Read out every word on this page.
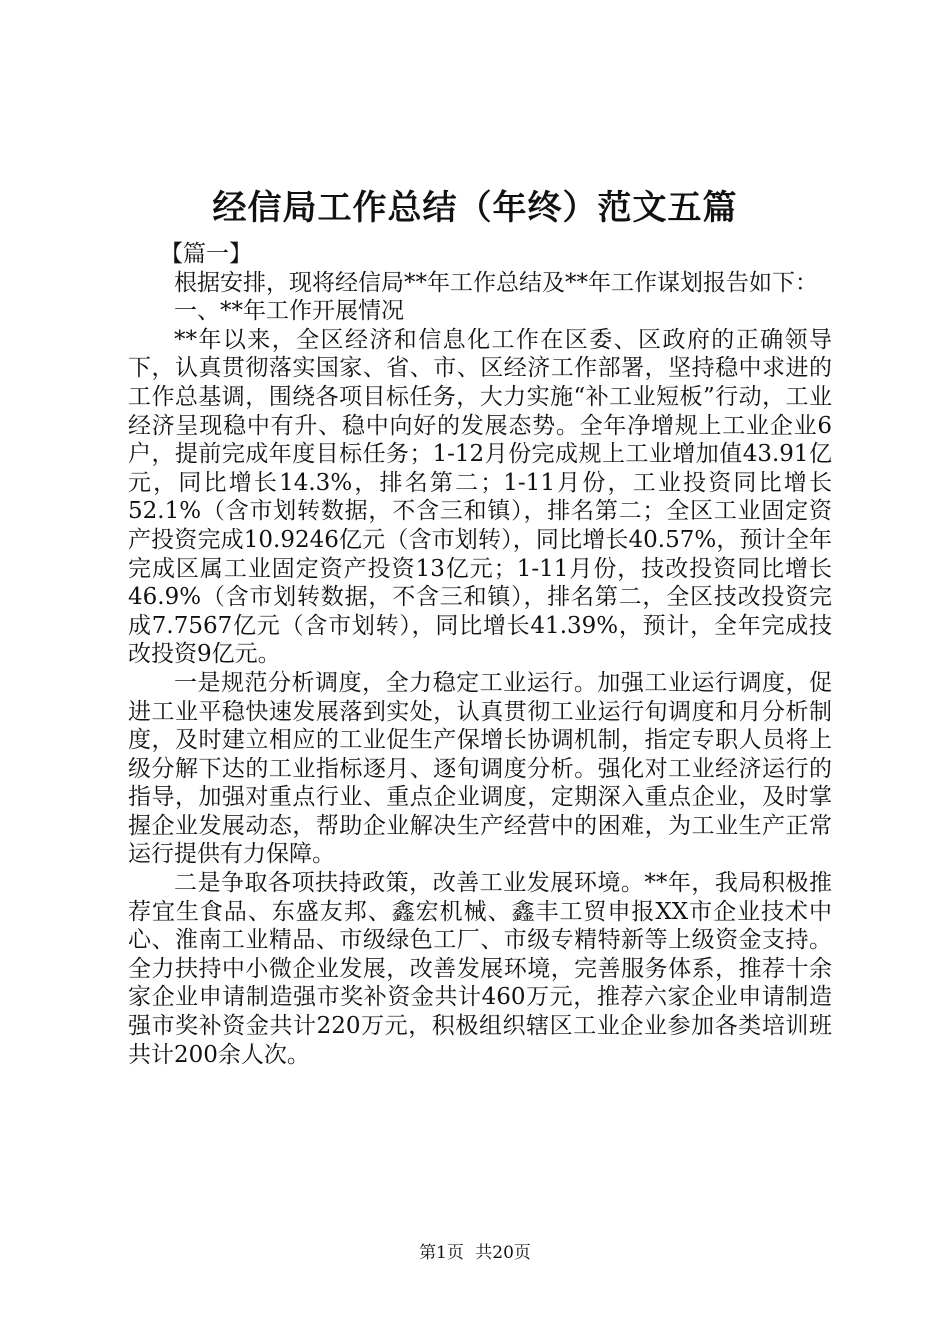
经信局工作总结（年终）范文五篇

【篇一】

根据安排，现将经信局**年工作总结及**年工作谋划报告如下：

一、**年工作开展情况

**年以来，全区经济和信息化工作在区委、区政府的正确领导下，认真贯彻落实国家、省、市、区经济工作部署，坚持稳中求进的工作总基调，围绕各项目标任务，大力实施“补工业短板”行动，工业经济呈现稳中有升、稳中向好的发展态势。全年净增规上工业企业6户，提前完成年度目标任务；1-12月份完成规上工业增加值43.91亿元，同比增长14.3%，排名第二；1-11月份，工业投资同比增长52.1%（含市划转数据，不含三和镇），排名第二；全区工业固定资产投资完成10.9246亿元（含市划转），同比增长40.57%，预计全年完成区属工业固定资产投资13亿元；1-11月份，技改投资同比增长46.9%（含市划转数据，不含三和镇），排名第二，全区技改投资完成7.7567亿元（含市划转），同比增长41.39%，预计，全年完成技改投资9亿元。

一是规范分析调度，全力稳定工业运行。加强工业运行调度，促进工业平稳快速发展落到实处，认真贯彻工业运行旬调度和月分析制度，及时建立相应的工业促生产保增长协调机制，指定专职人员将上级分解下达的工业指标逐月、逐旬调度分析。强化对工业经济运行的指导，加强对重点行业、重点企业调度，定期深入重点企业，及时掌握企业发展动态，帮助企业解决生产经营中的困难，为工业生产正常运行提供有力保障。

二是争取各项扶持政策，改善工业发展环境。**年，我局积极推荐宜生食品、东盛友邦、鑫宏机械、鑫丰工贸申报XX市企业技术中心、淮南工业精品、市级绿色工厂、市级专精特新等上级资金支持。全力扶持中小微企业发展，改善发展环境，完善服务体系，推荐十余家企业申请制造强市奖补资金共计460万元，推荐六家企业申请制造强市奖补资金共计220万元，积极组织辖区工业企业参加各类培训班共计200余人次。

第1页 共20页
